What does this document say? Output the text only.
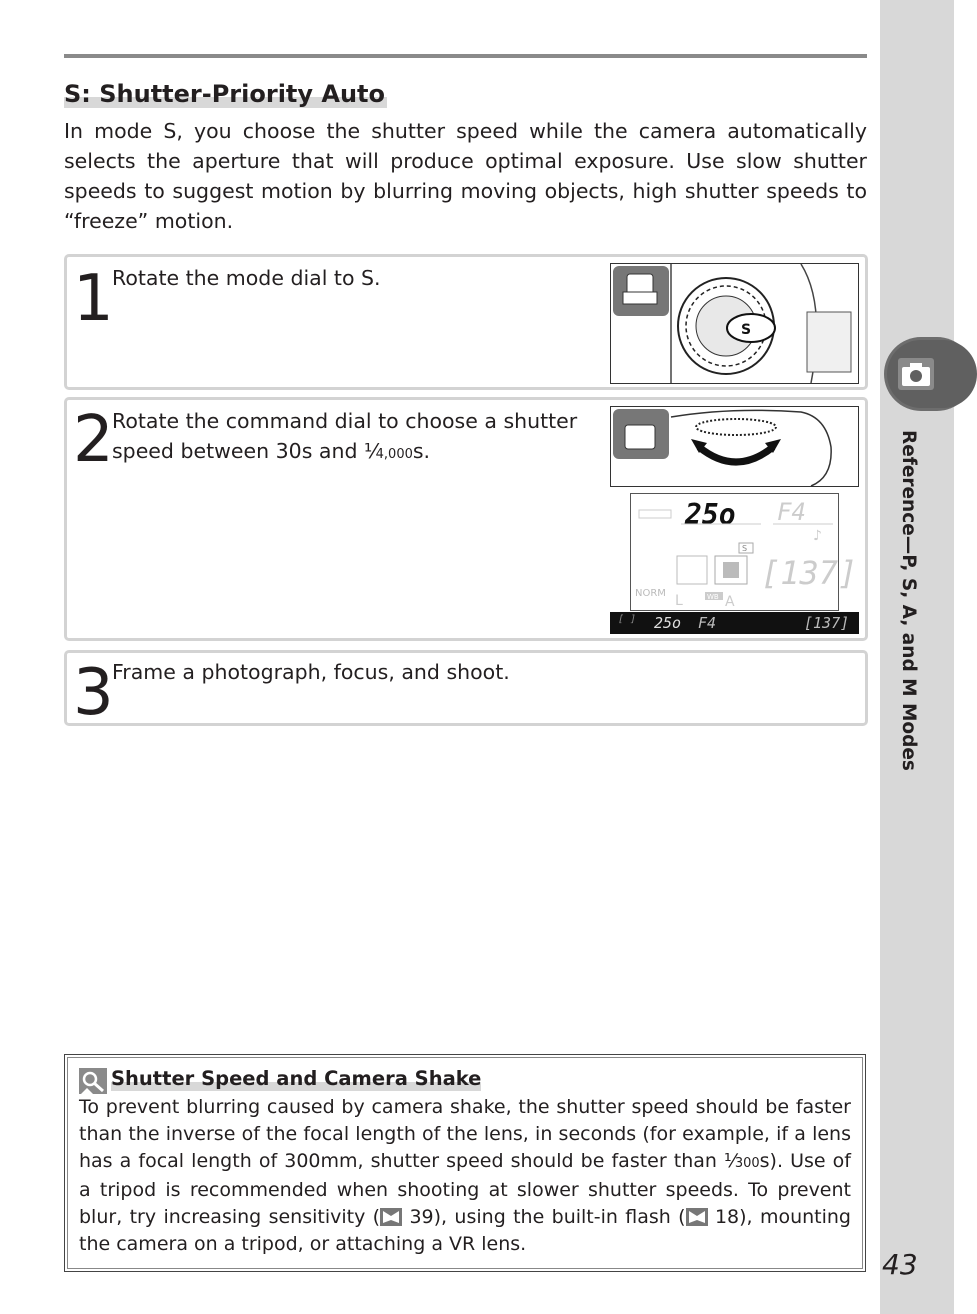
S: Shutter-Priority Auto
In mode S, you choose the shutter speed while the camera automatically selects the aperture that will produce optimal exposure. Use slow shutter speeds to suggest motion by blurring moving objects, high shutter speeds to “freeze” motion.
1 Rotate the mode dial to S.
S
2 Rotate the command dial to choose a shutter
speed between 30s and ¹⁄4,000s.
25o F4
♪
S
[137]
NORM L	WB A
[ ] 25o F4	[137]
3 Frame a photograph, focus, and shoot.	Reference—P, S, A, and M Modes
43
Shutter Speed and Camera Shake
To prevent blurring caused by camera shake, the shutter speed should be faster than the inverse of the focal length of the lens, in seconds (for example, if a lens has a focal length of 300mm, shutter speed should be faster than ¹⁄300s). Use of a tripod is recommended when shooting at slower shutter speeds. To prevent blur, try increasing sensitivity ( 39), using the built-in flash ( 18), mounting the camera on a tripod, or attaching a VR lens.
